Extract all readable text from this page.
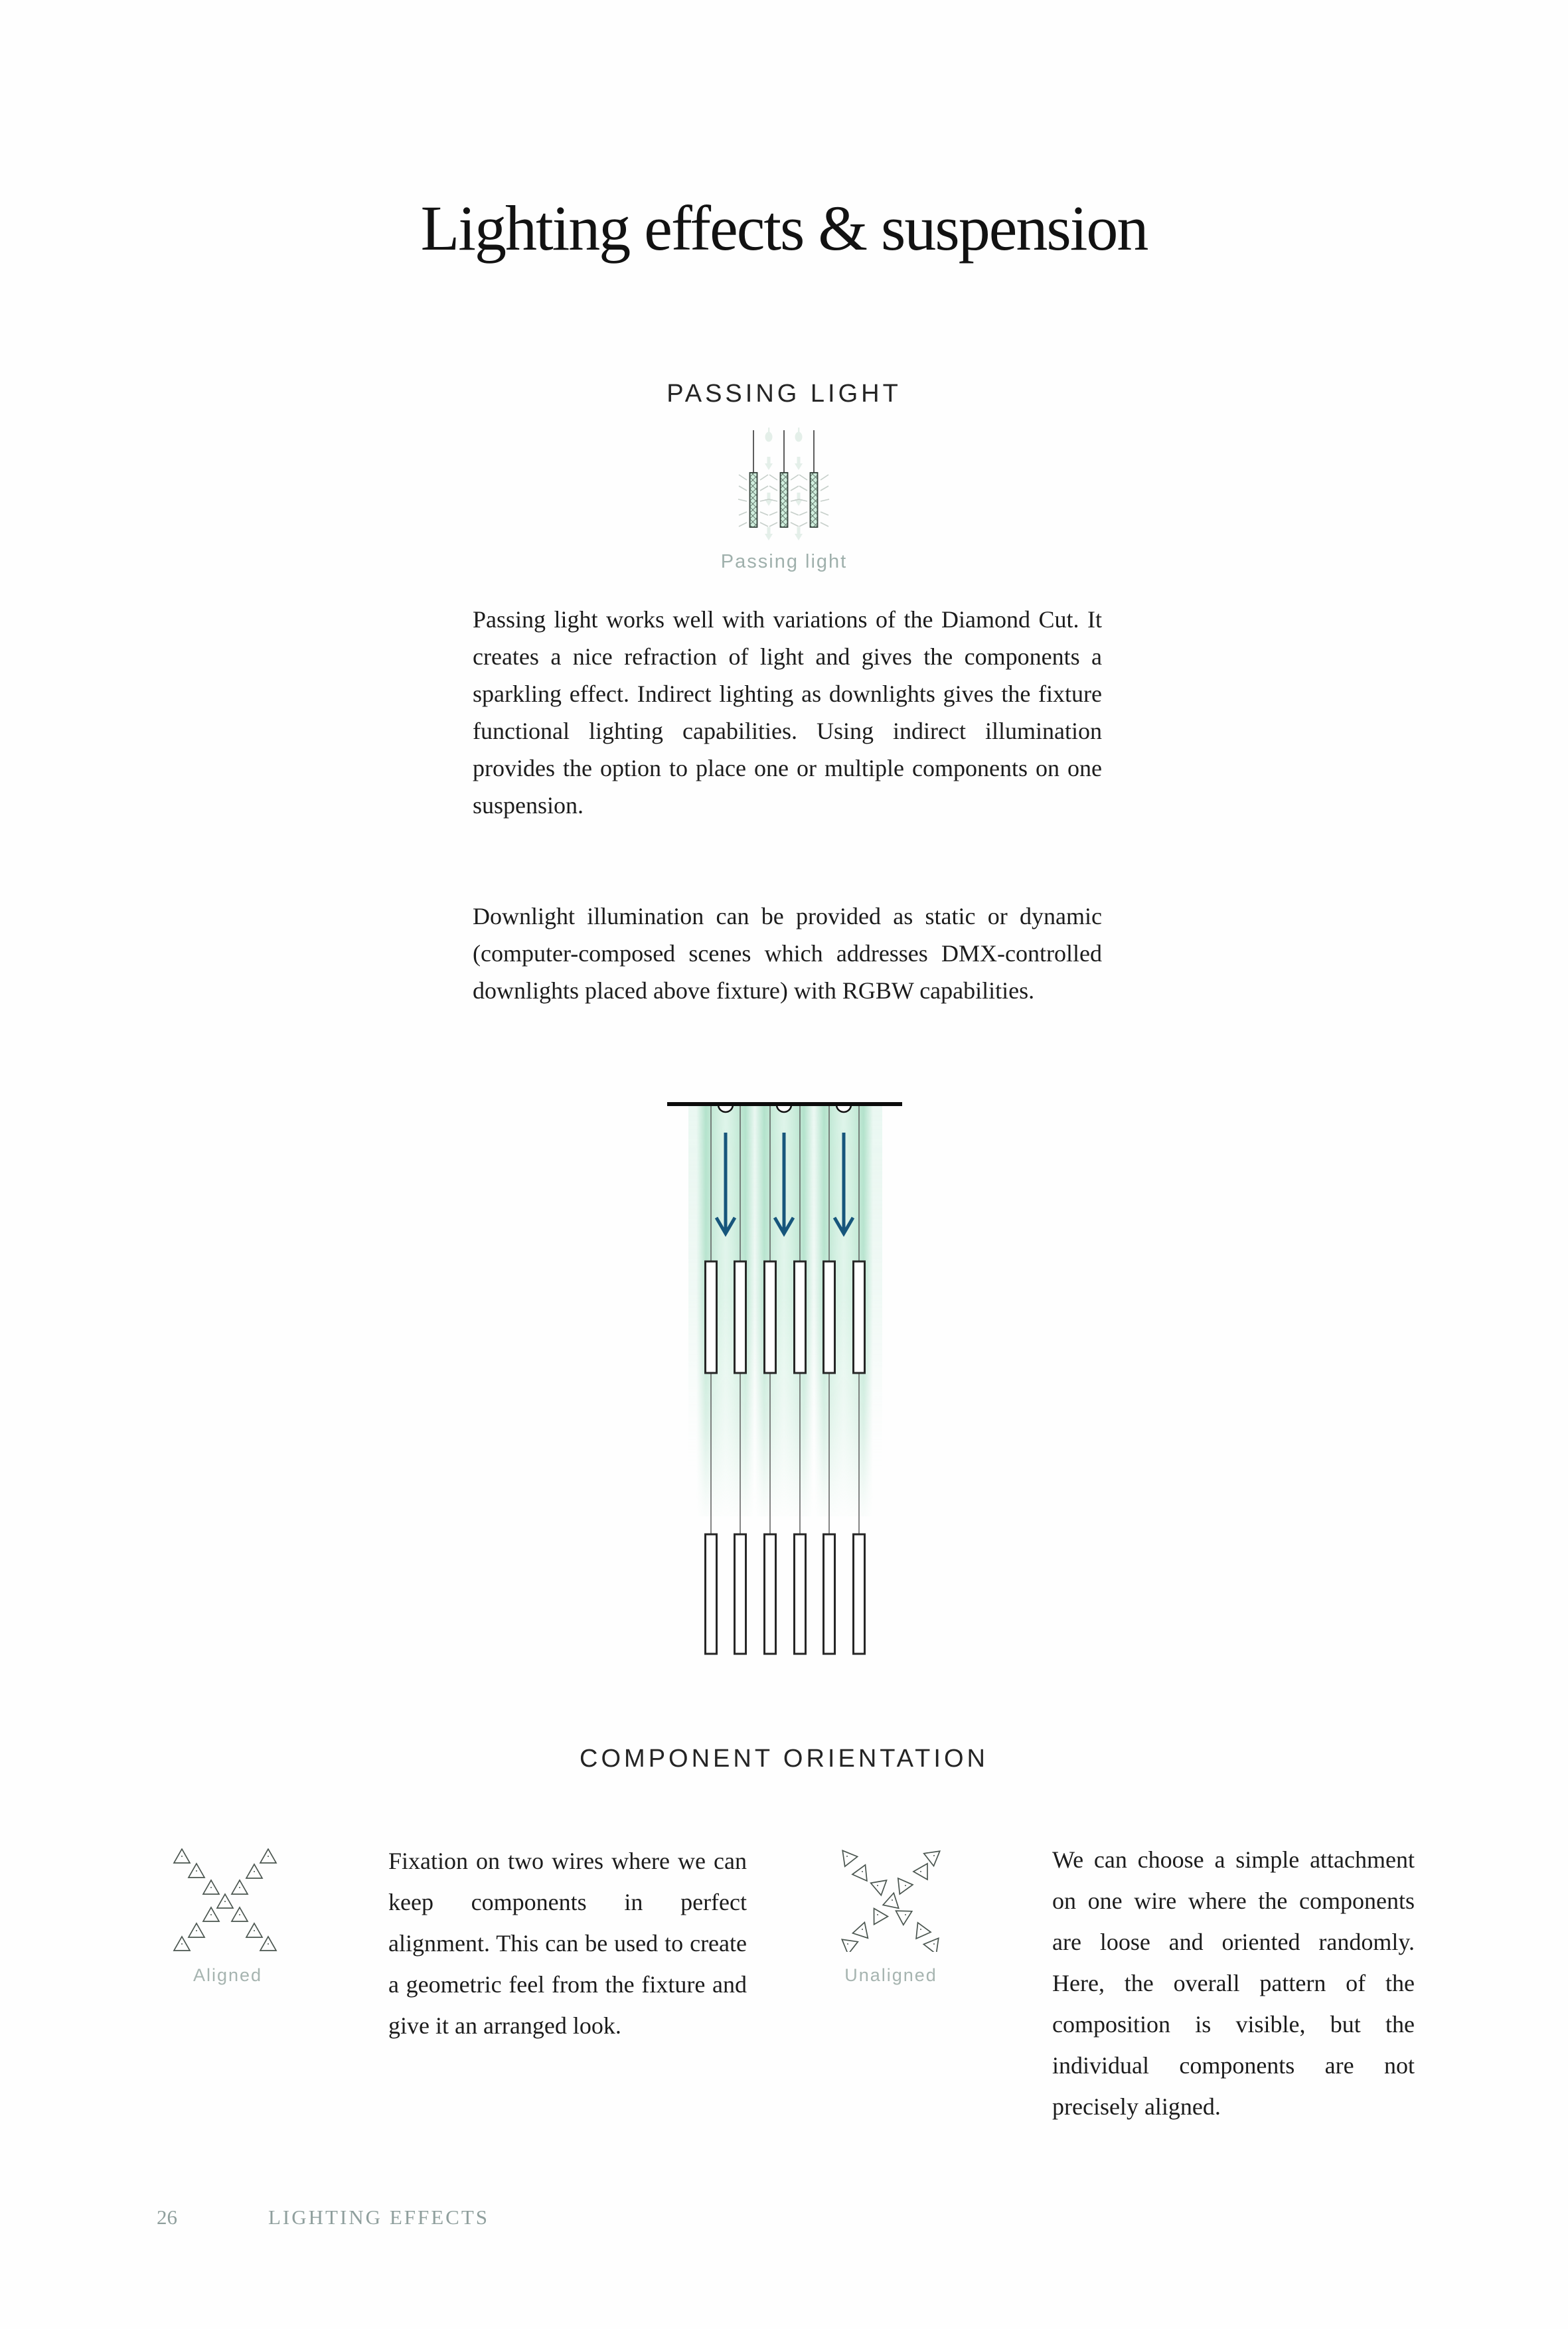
Lighting effects & suspension
PASSING LIGHT
Passing light
Passing light works well with variations of the Diamond Cut. It creates a nice refraction of light and gives the components a sparkling effect. Indirect lighting as downlights gives the fixture functional lighting capabilities. Using indirect illumination provides the option to place one or multiple components on one suspension.
Downlight illumination can be provided as static or dynamic (computer-composed scenes which addresses DMX-controlled downlights placed above fixture) with RGBW capabilities.
COMPONENT ORIENTATION
Aligned
Fixation on two wires where we can keep components in perfect alignment. This can be used to create a geometric feel from the fixture and give it an arranged look.
Unaligned
We can choose a simple attachment on one wire where the components are loose and oriented randomly. Here, the overall pattern of the composition is visible, but the individual components are not precisely aligned.
26	LIGHTING EFFECTS
